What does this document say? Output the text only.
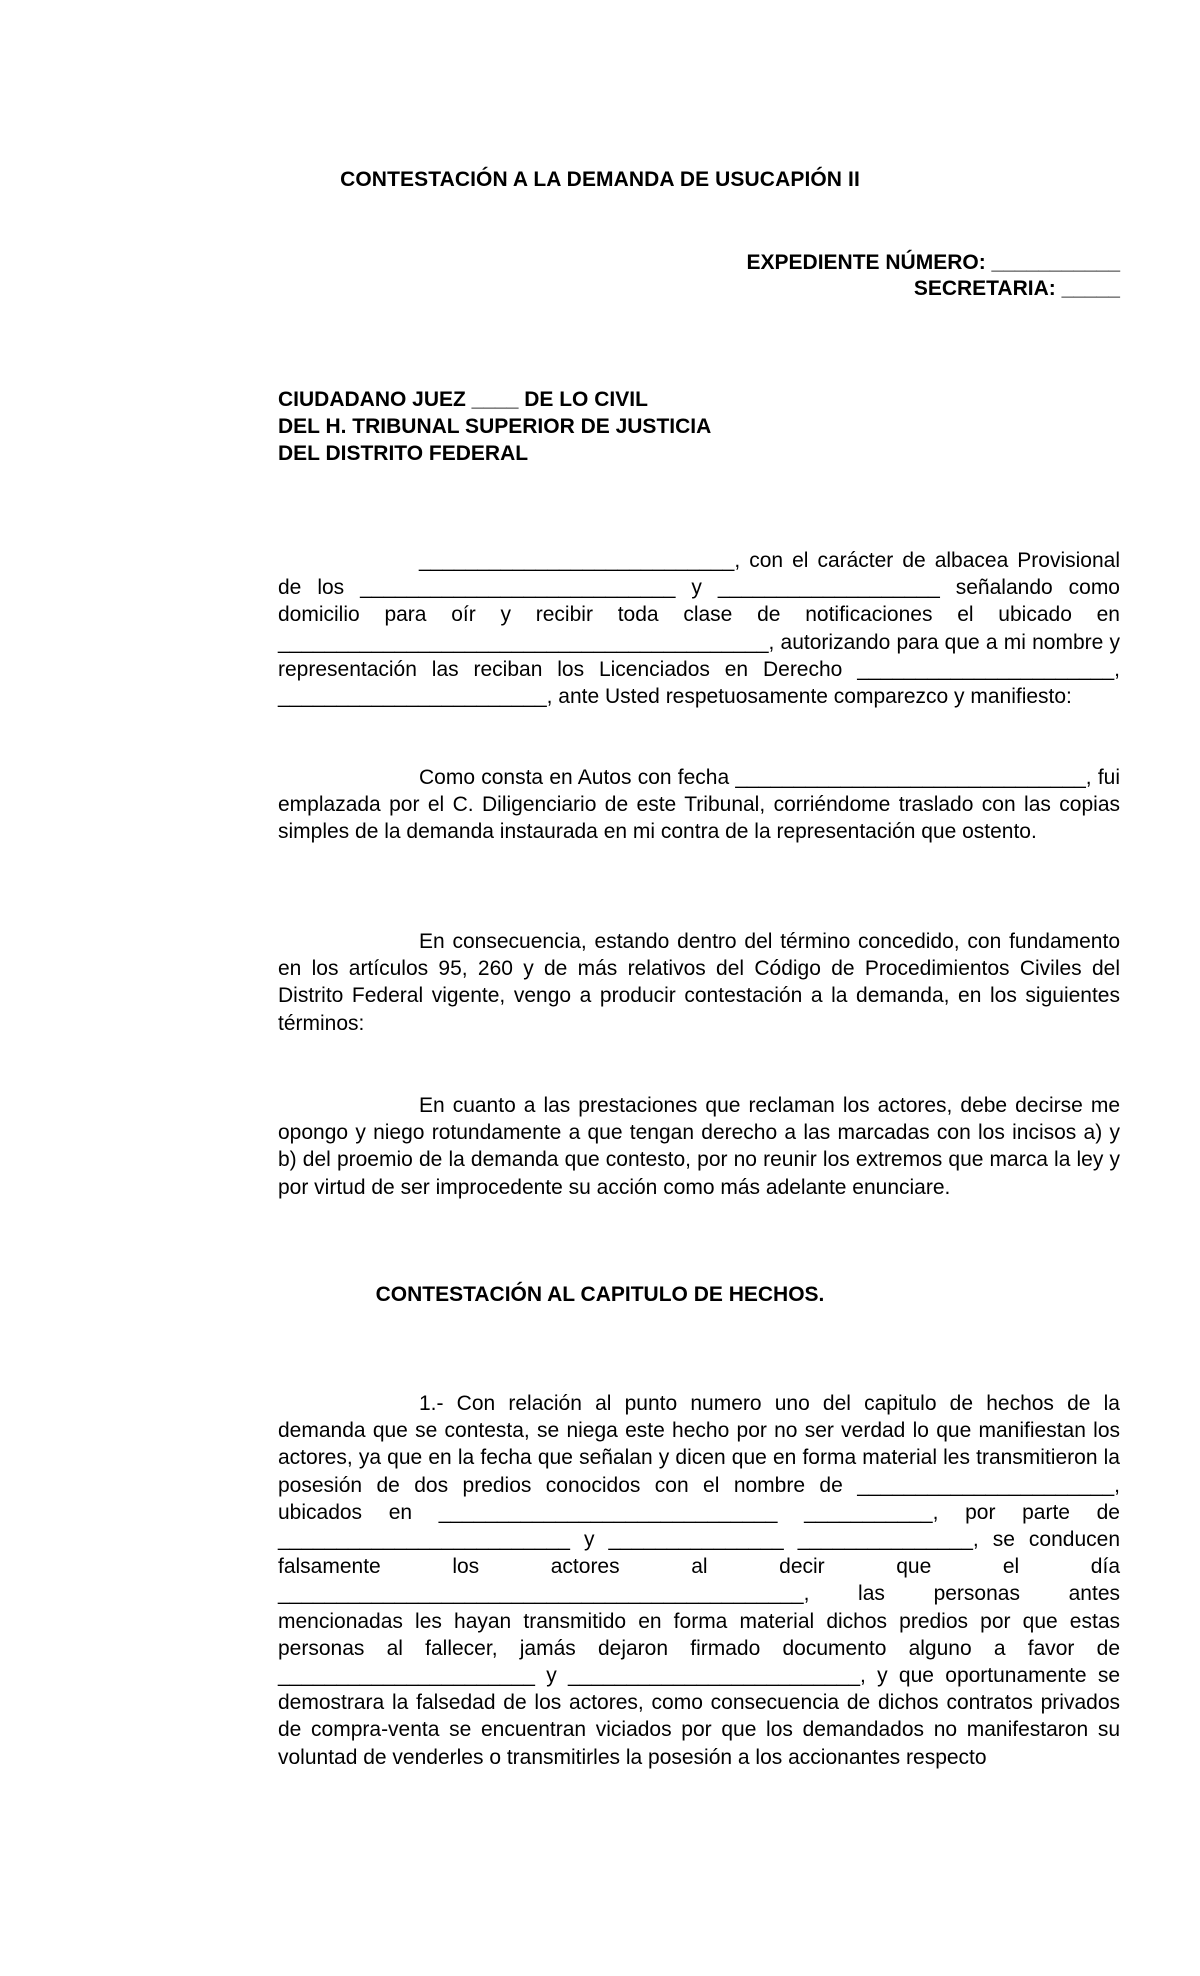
CONTESTACIÓN A LA DEMANDA DE USUCAPIÓN II
EXPEDIENTE NÚMERO: ___________
SECRETARIA: _____
CIUDADANO JUEZ ____ DE LO CIVIL
DEL H. TRIBUNAL SUPERIOR DE JUSTICIA
DEL DISTRITO FEDERAL

___________________________, con el carácter de albacea Provisional de los ___________________________ y ___________________ señalando como domicilio para oír y recibir toda clase de notificaciones el ubicado en __________________________________________, autorizando para que a mi nombre y representación las reciban los Licenciados en Derecho ______________________, _______________________, ante Usted respetuosamente comparezco y manifiesto:

Como consta en Autos con fecha ______________________________, fui emplazada por el C. Diligenciario de este Tribunal, corriéndome traslado con las copias simples de la demanda instaurada en mi contra de la representación que ostento.

En consecuencia, estando dentro del término concedido, con fundamento en los artículos 95, 260 y de más relativos del Código de Procedimientos Civiles del Distrito Federal vigente, vengo a producir contestación a la demanda, en los siguientes términos:

En cuanto a las prestaciones que reclaman los actores, debe decirse me opongo y niego rotundamente a que tengan derecho a las marcadas con los incisos a) y b) del proemio de la demanda que contesto, por no reunir los extremos que marca la ley y por virtud de ser improcedente su acción como más adelante enunciare.

CONTESTACIÓN AL CAPITULO DE HECHOS.

1.- Con relación al punto numero uno del capitulo de hechos de la demanda que se contesta, se niega este hecho por no ser verdad lo que manifiestan los actores, ya que en la fecha que señalan y dicen que en forma material les transmitieron la posesión de dos predios conocidos con el nombre de ______________________, ubicados en _____________________________ ___________, por parte de _________________________ y _______________ _______________, se conducen falsamente los actores al decir que el día _____________________________________________, las personas antes mencionadas les hayan transmitido en forma material dichos predios por que estas personas al fallecer, jamás dejaron firmado documento alguno a favor de ______________________ y _________________________, y que oportunamente se demostrara la falsedad de los actores, como consecuencia de dichos contratos privados de compra-venta se encuentran viciados por que los demandados no manifestaron su voluntad de venderles o transmitirles la posesión a los accionantes respecto
